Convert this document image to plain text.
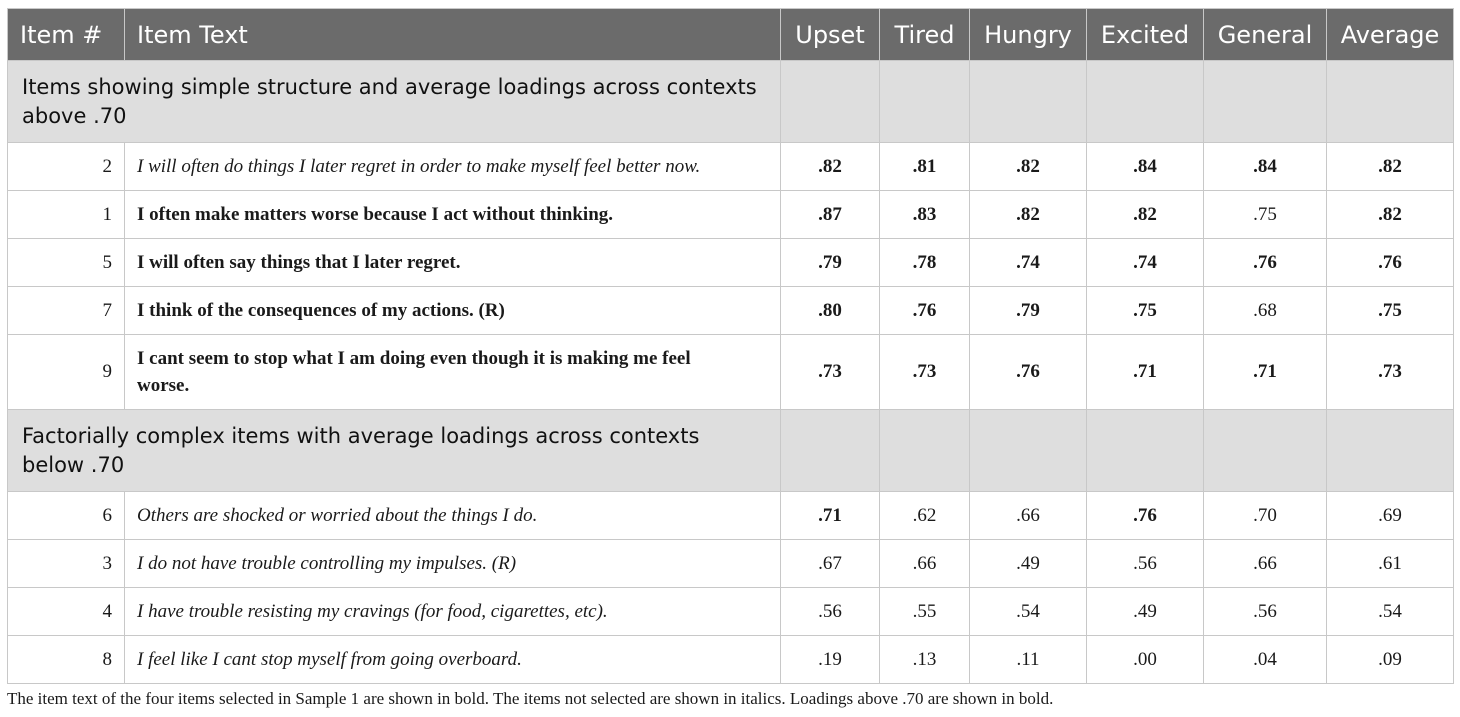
Item #	Item Text	Upset	Tired	Hungry	Excited	General	Average
Items showing simple structure and average loadings across contexts above .70							
2	I will often do things I later regret in order to make myself feel better now.	.82	.81	.82	.84	.84	.82
1	I often make matters worse because I act without thinking.	.87	.83	.82	.82	.75	.82
5	I will often say things that I later regret.	.79	.78	.74	.74	.76	.76
7	I think of the consequences of my actions. (R)	.80	.76	.79	.75	.68	.75
9	I cant seem to stop what I am doing even though it is making me feel worse.	.73	.73	.76	.71	.71	.73
Factorially complex items with average loadings across contexts below .70							
6	Others are shocked or worried about the things I do.	.71	.62	.66	.76	.70	.69
3	I do not have trouble controlling my impulses. (R)	.67	.66	.49	.56	.66	.61
4	I have trouble resisting my cravings (for food, cigarettes, etc).	.56	.55	.54	.49	.56	.54
8	I feel like I cant stop myself from going overboard.	.19	.13	.11	.00	.04	.09
The item text of the four items selected in Sample 1 are shown in bold. The items not selected are shown in italics. Loadings above .70 are shown in bold.
